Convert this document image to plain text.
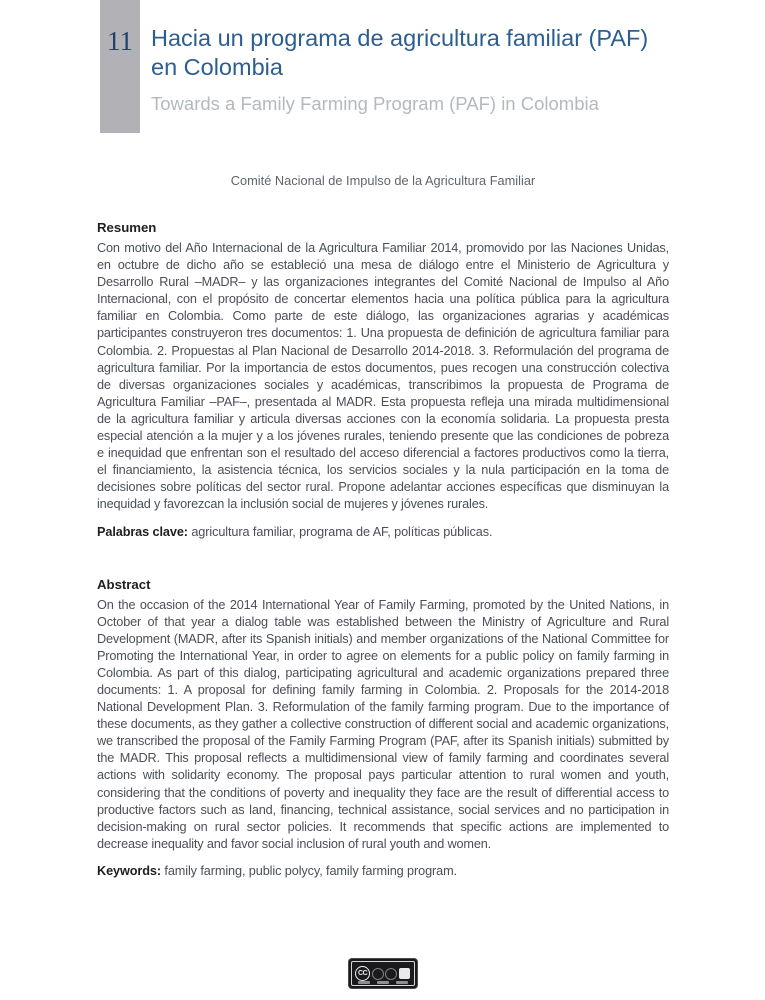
11 Hacia un programa de agricultura familiar (PAF)  en Colombia
Towards a Family Farming Program (PAF) in Colombia

Comité Nacional de Impulso de la Agricultura Familiar

Resumen

Con motivo del Año Internacional de la Agricultura Familiar 2014, promovido por las Naciones Unidas, en octubre de dicho año se estableció una mesa de diálogo entre el Ministerio de Agricultura y Desarrollo Rural –MADR– y las organizaciones integrantes del Comité Nacional de Impulso al Año Internacional, con el propósito de concertar elementos hacia una política pública para la agricultura familiar en Colombia. Como parte de este diálogo, las organizaciones agrarias y académicas participantes construyeron tres documentos: 1. Una propuesta de definición de agricultura familiar para Colombia. 2. Propuestas al Plan Nacional de Desarrollo 2014-2018. 3. Reformulación del programa de agricultura familiar. Por la importancia de estos documentos, pues recogen una construcción colectiva de diversas organizaciones sociales y académicas, transcribimos la propuesta de Programa de Agricultura Familiar –PAF–, presentada al MADR. Esta propuesta refleja una mirada multidimensional de la agricultura familiar y articula diversas acciones con la economía solidaria. La propuesta presta especial atención a la mujer y a los jóvenes rurales, teniendo presente que las condiciones de pobreza e inequidad que enfrentan son el resultado del acceso diferencial a factores productivos como la tierra, el financiamiento, la asistencia técnica, los servicios sociales y la nula participación en la toma de decisiones sobre políticas del sector rural. Propone adelantar acciones específicas que disminuyan la inequidad y favorezcan la inclusión social de mujeres y jóvenes rurales.

Palabras clave: agricultura familiar, programa de AF, políticas públicas.

Abstract

On the occasion of the 2014 International Year of Family Farming, promoted by the United Nations, in October of that year a dialog table was established between the Ministry of Agriculture and Rural Development (MADR, after its Spanish initials) and member organizations of the National Committee for Promoting the International Year, in order to agree on elements for a public policy on family farming in Colombia. As part of this dialog, participating agricultural and academic organizations prepared three documents: 1. A proposal for defining family farming in Colombia. 2. Proposals for the 2014-2018 National Development Plan. 3. Reformulation of the family farming program. Due to the importance of these documents, as they gather a collective construction of different social and academic organizations, we transcribed the proposal of the Family Farming Program (PAF, after its Spanish initials) submitted by the MADR. This proposal reflects a multidimensional view of family farming and coordinates several actions with solidarity economy. The proposal pays particular attention to rural women and youth, considering that the conditions of poverty and inequality they face are the result of differential access to productive factors such as land, financing, technical assistance, social services and no participation in decision-making on rural sector policies. It recommends that specific actions are implemented to decrease inequality and favor social inclusion of rural youth and women.

Keywords: family farming, public polycy, family farming program.

CC
